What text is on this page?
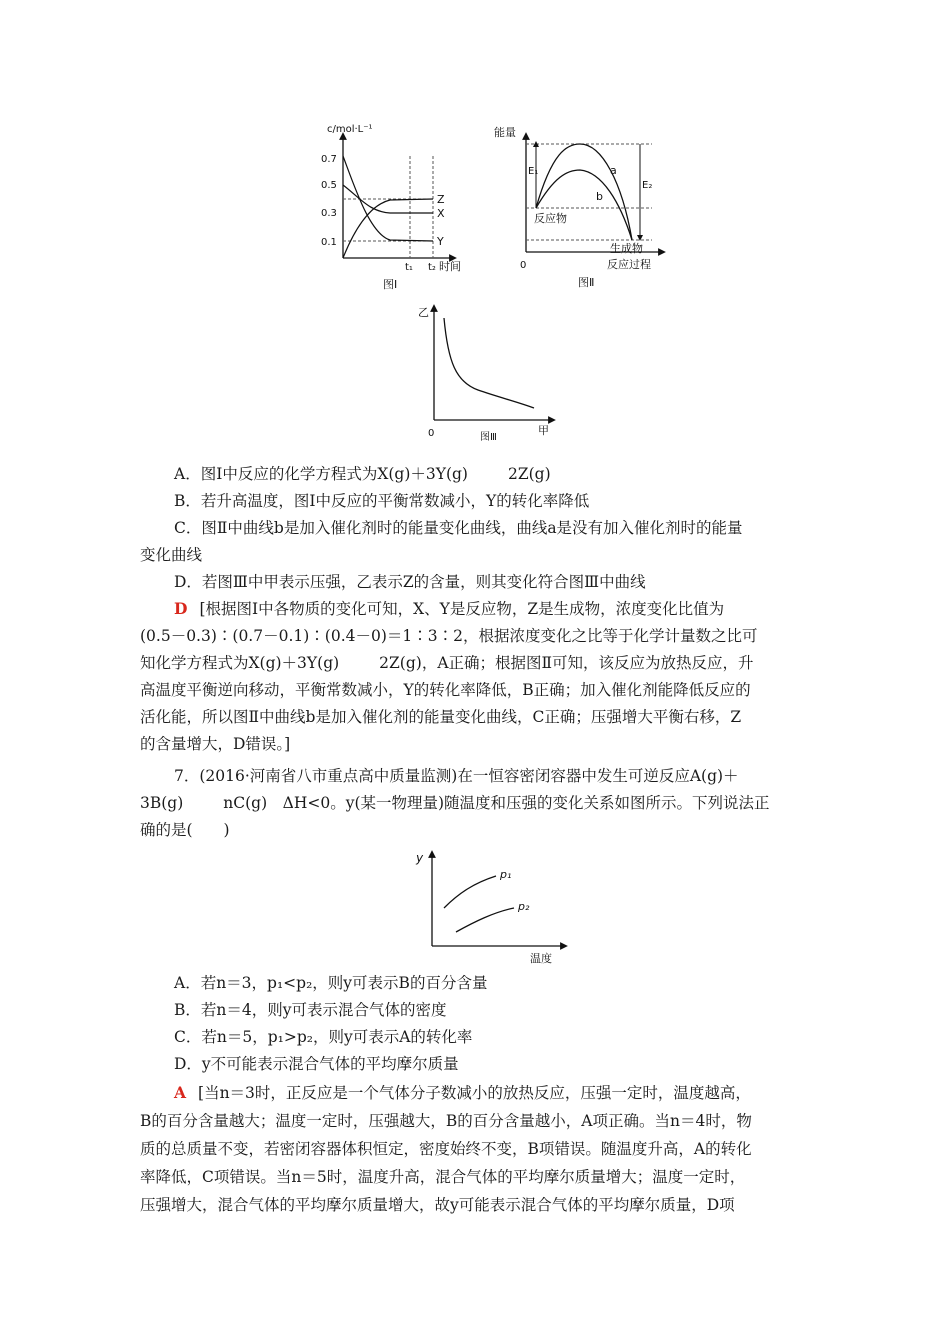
c/mol·L⁻¹
0.7
0.5
0.3
0.1
Z
X
Y
t₁ t₂ 时间
图Ⅰ
能量
E₁
E₂
a
b
反应物
生成物
0	反应过程
图Ⅱ
乙
0	甲
图Ⅲ
A．图Ⅰ中反应的化学方程式为X(g)＋3Y(g)	2Z(g)
B．若升高温度，图Ⅰ中反应的平衡常数减小，Y的转化率降低
C．图Ⅱ中曲线b是加入催化剂时的能量变化曲线，曲线a是没有加入催化剂时的能量
变化曲线
D．若图Ⅲ中甲表示压强，乙表示Z的含量，则其变化符合图Ⅲ中曲线
D [根据图Ⅰ中各物质的变化可知，X、Y是反应物，Z是生成物，浓度变化比值为
(0.5－0.3)∶(0.7－0.1)∶(0.4－0)＝1∶3∶2，根据浓度变化之比等于化学计量数之比可
知化学方程式为X(g)＋3Y(g)	2Z(g)，A正确；根据图Ⅱ可知，该反应为放热反应，升
高温度平衡逆向移动，平衡常数减小，Y的转化率降低，B正确；加入催化剂能降低反应的
活化能，所以图Ⅱ中曲线b是加入催化剂的能量变化曲线，C正确；压强增大平衡右移，Z
的含量增大，D错误。]
7．(2016·河南省八市重点高中质量监测)在一恒容密闭容器中发生可逆反应A(g)＋
3B(g)	nC(g)　ΔH<0。y(某一物理量)随温度和压强的变化关系如图所示。下列说法正
确的是(　　)
y
p₁
p₂
温度
A．若n＝3，p₁<p₂，则y可表示B的百分含量
B．若n＝4，则y可表示混合气体的密度
C．若n＝5，p₁>p₂，则y可表示A的转化率
D．y不可能表示混合气体的平均摩尔质量
A [当n＝3时，正反应是一个气体分子数减小的放热反应，压强一定时，温度越高，
B的百分含量越大；温度一定时，压强越大，B的百分含量越小，A项正确。当n＝4时，物
质的总质量不变，若密闭容器体积恒定，密度始终不变，B项错误。随温度升高，A的转化
率降低，C项错误。当n＝5时，温度升高，混合气体的平均摩尔质量增大；温度一定时，
压强增大，混合气体的平均摩尔质量增大，故y可能表示混合气体的平均摩尔质量，D项
